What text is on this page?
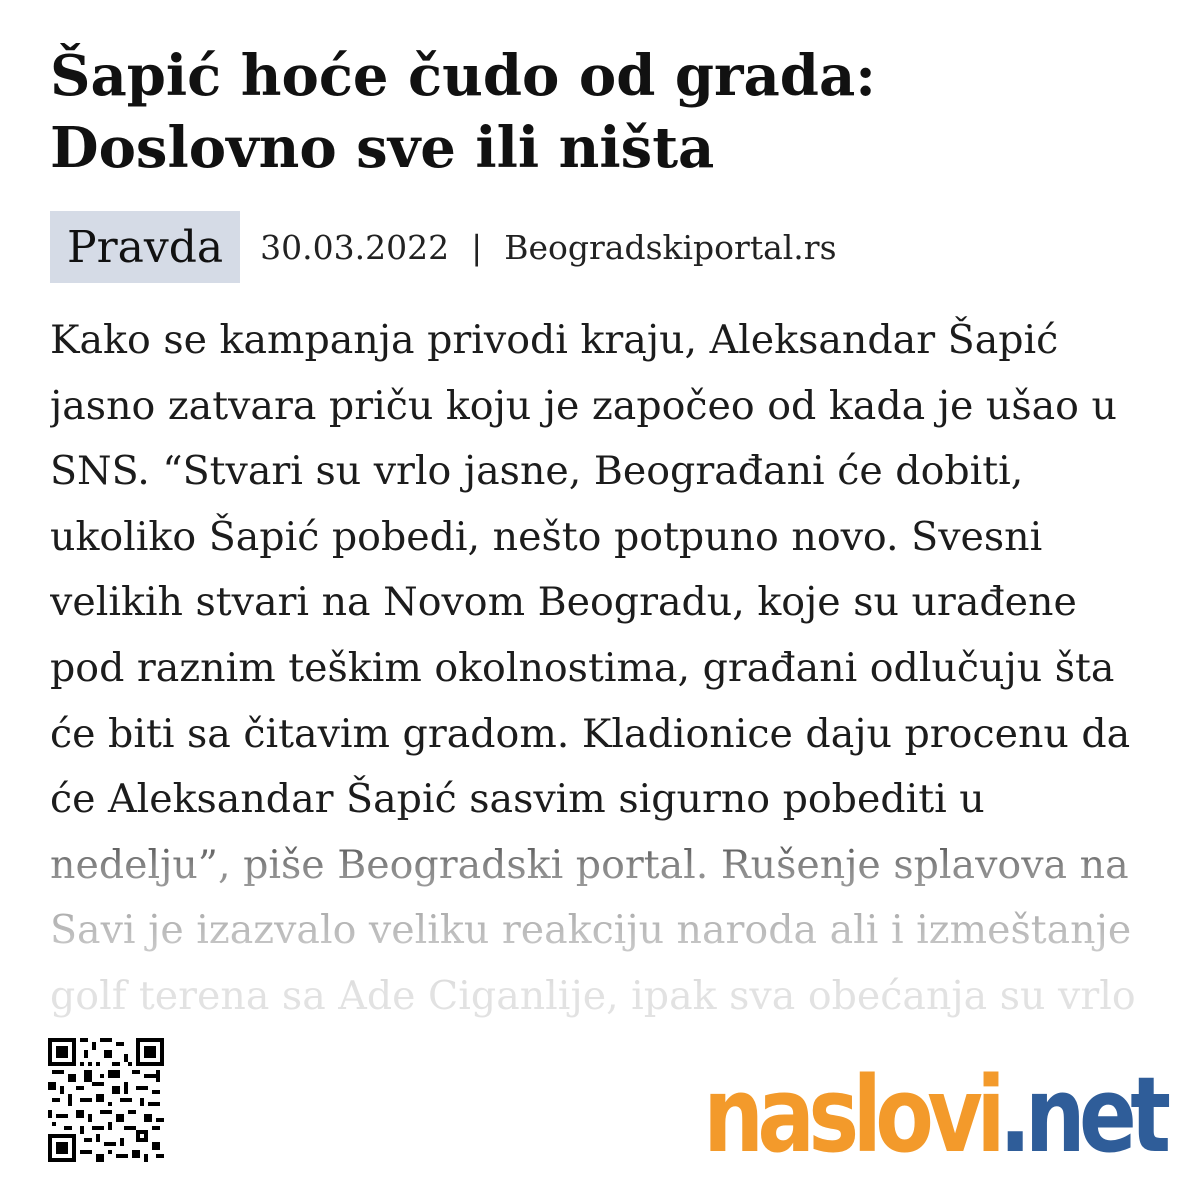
Šapić hoće čudo od grada: Doslovno sve ili ništa
Pravda	30.03.2022 | Beogradskiportal.rs

Kako se kampanja privodi kraju, Aleksandar Šapić jasno zatvara priču koju je započeo od kada je ušao u SNS. “Stvari su vrlo jasne, Beograđani će dobiti, ukoliko Šapić pobedi, nešto potpuno novo. Svesni velikih stvari na Novom Beogradu, koje su urađene pod raznim teškim okolnostima, građani odlučuju šta će biti sa čitavim gradom. Kladionice daju procenu da će Aleksandar Šapić sasvim sigurno pobediti u nedelju”, piše Beogradski portal. Rušenje splavova na Savi je izazvalo veliku reakciju naroda ali i izmeštanje golf terena sa Ade Ciganlije, ipak sva obećanja su vrlo

naslovi.net
